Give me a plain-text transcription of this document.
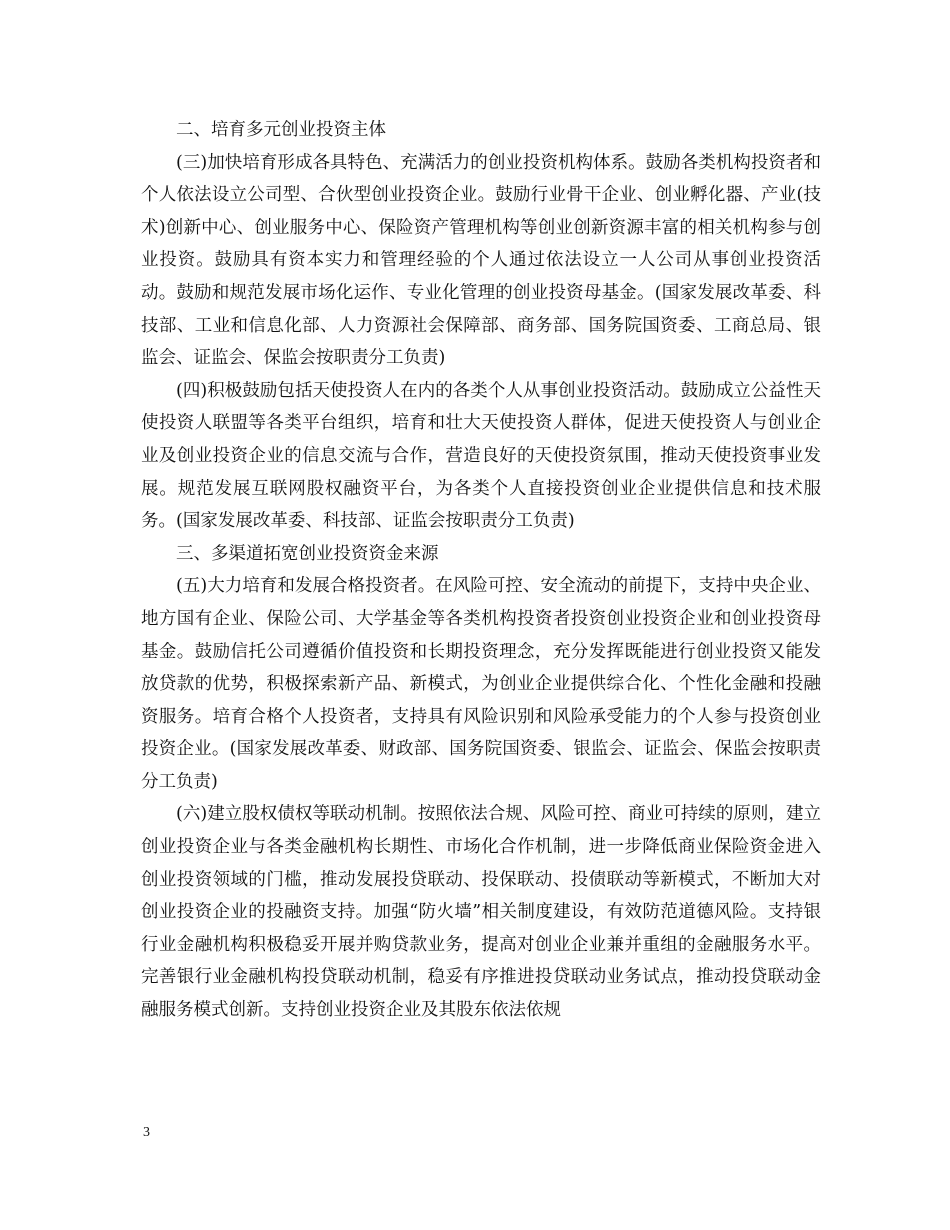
二、培育多元创业投资主体

(三)加快培育形成各具特色、充满活力的创业投资机构体系。鼓励各类机构投资者和个人依法设立公司型、合伙型创业投资企业。鼓励行业骨干企业、创业孵化器、产业(技术)创新中心、创业服务中心、保险资产管理机构等创业创新资源丰富的相关机构参与创业投资。鼓励具有资本实力和管理经验的个人通过依法设立一人公司从事创业投资活动。鼓励和规范发展市场化运作、专业化管理的创业投资母基金。(国家发展改革委、科技部、工业和信息化部、人力资源社会保障部、商务部、国务院国资委、工商总局、银监会、证监会、保监会按职责分工负责)

(四)积极鼓励包括天使投资人在内的各类个人从事创业投资活动。鼓励成立公益性天使投资人联盟等各类平台组织，培育和壮大天使投资人群体，促进天使投资人与创业企业及创业投资企业的信息交流与合作，营造良好的天使投资氛围，推动天使投资事业发展。规范发展互联网股权融资平台，为各类个人直接投资创业企业提供信息和技术服务。(国家发展改革委、科技部、证监会按职责分工负责)

三、多渠道拓宽创业投资资金来源

(五)大力培育和发展合格投资者。在风险可控、安全流动的前提下，支持中央企业、地方国有企业、保险公司、大学基金等各类机构投资者投资创业投资企业和创业投资母基金。鼓励信托公司遵循价值投资和长期投资理念，充分发挥既能进行创业投资又能发放贷款的优势，积极探索新产品、新模式，为创业企业提供综合化、个性化金融和投融资服务。培育合格个人投资者，支持具有风险识别和风险承受能力的个人参与投资创业投资企业。(国家发展改革委、财政部、国务院国资委、银监会、证监会、保监会按职责分工负责)

(六)建立股权债权等联动机制。按照依法合规、风险可控、商业可持续的原则，建立创业投资企业与各类金融机构长期性、市场化合作机制，进一步降低商业保险资金进入创业投资领域的门槛，推动发展投贷联动、投保联动、投债联动等新模式，不断加大对创业投资企业的投融资支持。加强“防火墙”相关制度建设，有效防范道德风险。支持银行业金融机构积极稳妥开展并购贷款业务，提高对创业企业兼并重组的金融服务水平。完善银行业金融机构投贷联动机制，稳妥有序推进投贷联动业务试点，推动投贷联动金融服务模式创新。支持创业投资企业及其股东依法依规

3
